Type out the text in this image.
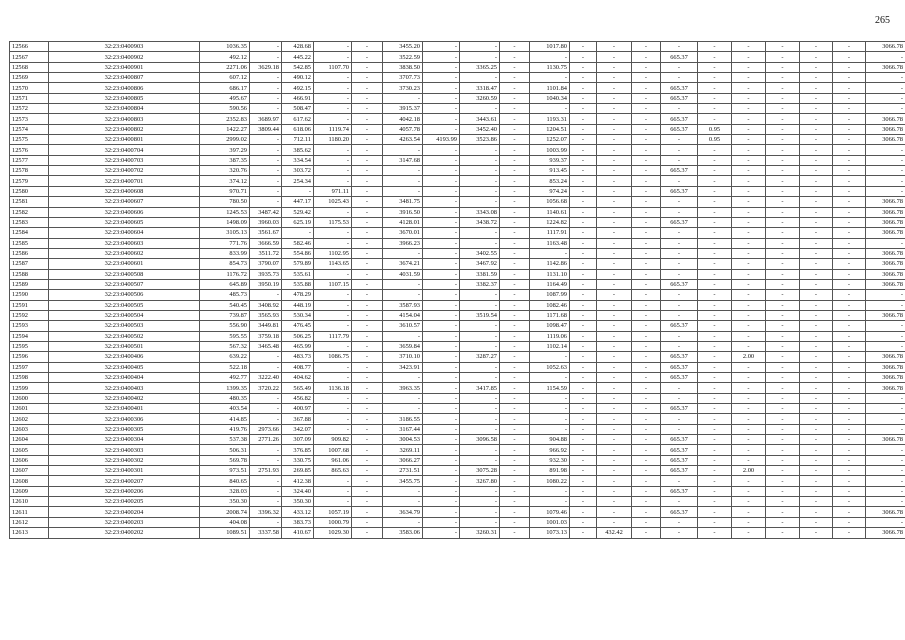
265
12566	32:23:0400903	1036.35	-	428.68	-	-	3455.20	-	-	-	1017.80	-	-	-	-	-	-	-	-	-	3066.78
12567	32:23:0400902	492.12	-	445.22	-	-	3522.59	-	-	-	-	-	-	-	665.37	-	-	-	-	-	-
12568	32:23:0400901	2271.06	3629.18	542.85	1107.70	-	3838.50	-	3365.25	-	1130.75	-	-	-	-	-	-	-	-	-	3066.78
12569	32:23:0400807	607.12	-	490.12	-	-	3707.73	-	-	-	-	-	-	-	-	-	-	-	-	-	-
12570	32:23:0400806	686.17	-	492.15	-	-	3730.23	-	3318.47	-	1101.84	-	-	-	665.37	-	-	-	-	-	-
12571	32:23:0400805	495.67	-	466.91	-	-	-	-	3260.59	-	1040.34	-	-	-	665.37	-	-	-	-	-	-
12572	32:23:0400804	590.56	-	508.47	-	-	3915.37	-	-	-	-	-	-	-	-	-	-	-	-	-	-
12573	32:23:0400803	2352.83	3689.97	617.62	-	-	4042.18	-	3443.61	-	1193.31	-	-	-	665.37	-	-	-	-	-	3066.78
12574	32:23:0400802	1422.27	3809.44	618.06	1119.74	-	4057.78	-	3452.40	-	1204.51	-	-	-	665.37	0.95	-	-	-	-	3066.78
12575	32:23:0400801	2999.02	-	712.11	1180.20	-	4263.54	4193.99	3523.86	-	1252.07	-	-	-	-	0.95	-	-	-	-	3066.78
12576	32:23:0400704	397.29	-	385.62	-	-	-	-	-	-	1003.99	-	-	-	-	-	-	-	-	-	-
12577	32:23:0400703	387.35	-	334.54	-	-	3147.68	-	-	-	939.37	-	-	-	-	-	-	-	-	-	-
12578	32:23:0400702	320.76	-	303.72	-	-	-	-	-	-	913.45	-	-	-	665.37	-	-	-	-	-	-
12579	32:23:0400701	374.12	-	254.34	-	-	-	-	-	-	853.24	-	-	-	-	-	-	-	-	-	-
12580	32:23:0400608	970.71	-	-	971.11	-	-	-	-	-	974.24	-	-	-	665.37	-	-	-	-	-	-
12581	32:23:0400607	780.50	-	447.17	1025.43	-	3481.75	-	-	-	1056.68	-	-	-	-	-	-	-	-	-	3066.78
12582	32:23:0400606	1245.53	3487.42	529.42	-	-	3916.50	-	3343.08	-	1140.61	-	-	-	-	-	-	-	-	-	3066.78
12583	32:23:0400605	1498.09	3960.03	625.19	1175.53	-	4128.01	-	3438.72	-	1224.82	-	-	-	665.37	-	-	-	-	-	3066.78
12584	32:23:0400604	3105.13	3561.67	-	-	-	3670.01	-	-	-	1117.91	-	-	-	-	-	-	-	-	-	3066.78
12585	32:23:0400603	771.76	3666.59	582.46	-	-	3966.23	-	-	-	1163.48	-	-	-	-	-	-	-	-	-	-
12586	32:23:0400602	833.99	3511.72	554.86	1102.95	-	-	-	3402.55	-	-	-	-	-	-	-	-	-	-	-	3066.78
12587	32:23:0400601	854.73	3790.07	579.89	1143.65	-	3674.21	-	3467.92	-	1142.86	-	-	-	-	-	-	-	-	-	3066.78
12588	32:23:0400508	1176.72	3935.73	535.61	-	-	4031.59	-	3381.59	-	1131.10	-	-	-	-	-	-	-	-	-	3066.78
12589	32:23:0400507	645.89	3950.19	535.88	1107.15	-	-	-	3382.37	-	1164.49	-	-	-	665.37	-	-	-	-	-	3066.78
12590	32:23:0400506	485.73	-	478.29	-	-	-	-	-	-	1087.99	-	-	-	-	-	-	-	-	-	-
12591	32:23:0400505	540.45	3408.92	448.19	-	-	3587.93	-	-	-	1082.46	-	-	-	-	-	-	-	-	-	-
12592	32:23:0400504	739.87	3565.93	530.34	-	-	4154.04	-	3519.54	-	1171.68	-	-	-	-	-	-	-	-	-	3066.78
12593	32:23:0400503	556.90	3449.81	476.45	-	-	3610.57	-	-	-	1098.47	-	-	-	665.37	-	-	-	-	-	-
12594	32:23:0400502	595.55	3759.18	506.25	1117.79	-	-	-	-	-	1119.06	-	-	-	-	-	-	-	-	-	-
12595	32:23:0400501	567.32	3465.48	465.99	-	-	3659.84	-	-	-	1102.14	-	-	-	-	-	-	-	-	-	-
12596	32:23:0400406	639.22	-	483.73	1086.75	-	3710.10	-	3287.27	-	-	-	-	-	665.37	-	2.00	-	-	-	3066.78
12597	32:23:0400405	522.18	-	408.77	-	-	3423.91	-	-	-	1052.63	-	-	-	665.37	-	-	-	-	-	3066.78
12598	32:23:0400404	492.77	3222.40	404.62	-	-	-	-	-	-	-	-	-	-	665.37	-	-	-	-	-	3066.78
12599	32:23:0400403	1399.35	3720.22	565.49	1136.18	-	3963.35	-	3417.85	-	1154.59	-	-	-	-	-	-	-	-	-	3066.78
12600	32:23:0400402	480.35	-	456.82	-	-	-	-	-	-	-	-	-	-	-	-	-	-	-	-	-
12601	32:23:0400401	403.54	-	400.97	-	-	-	-	-	-	-	-	-	-	665.37	-	-	-	-	-	-
12602	32:23:0400306	414.85	-	367.88	-	-	3186.55	-	-	-	-	-	-	-	-	-	-	-	-	-	-
12603	32:23:0400305	419.76	2973.66	342.07	-	-	3167.44	-	-	-	-	-	-	-	-	-	-	-	-	-	-
12604	32:23:0400304	537.38	2771.26	307.09	909.82	-	3004.53	-	3096.58	-	904.88	-	-	-	665.37	-	-	-	-	-	3066.78
12605	32:23:0400303	506.31	-	376.85	1007.68	-	3269.11	-	-	-	966.92	-	-	-	665.37	-	-	-	-	-	-
12606	32:23:0400302	569.78	-	330.75	961.06	-	3066.27	-	-	-	932.30	-	-	-	665.37	-	-	-	-	-	-
12607	32:23:0400301	973.51	2751.93	269.85	865.63	-	2731.51	-	3075.28	-	891.98	-	-	-	665.37	-	2.00	-	-	-	-
12608	32:23:0400207	840.65	-	412.38	-	-	3455.75	-	3267.80	-	1080.22	-	-	-	-	-	-	-	-	-	-
12609	32:23:0400206	328.03	-	324.40	-	-	-	-	-	-	-	-	-	-	665.37	-	-	-	-	-	-
12610	32:23:0400205	350.30	-	350.30	-	-	-	-	-	-	-	-	-	-	-	-	-	-	-	-	-
12611	32:23:0400204	2008.74	3396.32	433.12	1057.19	-	3634.79	-	-	-	1079.46	-	-	-	665.37	-	-	-	-	-	3066.78
12612	32:23:0400203	404.08	-	383.73	1000.79	-	-	-	-	-	1001.03	-	-	-	-	-	-	-	-	-	-
12613	32:23:0400202	1089.51	3337.58	410.67	1029.30	-	3583.06	-	3260.31	-	1073.13	-	432.42	-	-	-	-	-	-	-	3066.78
